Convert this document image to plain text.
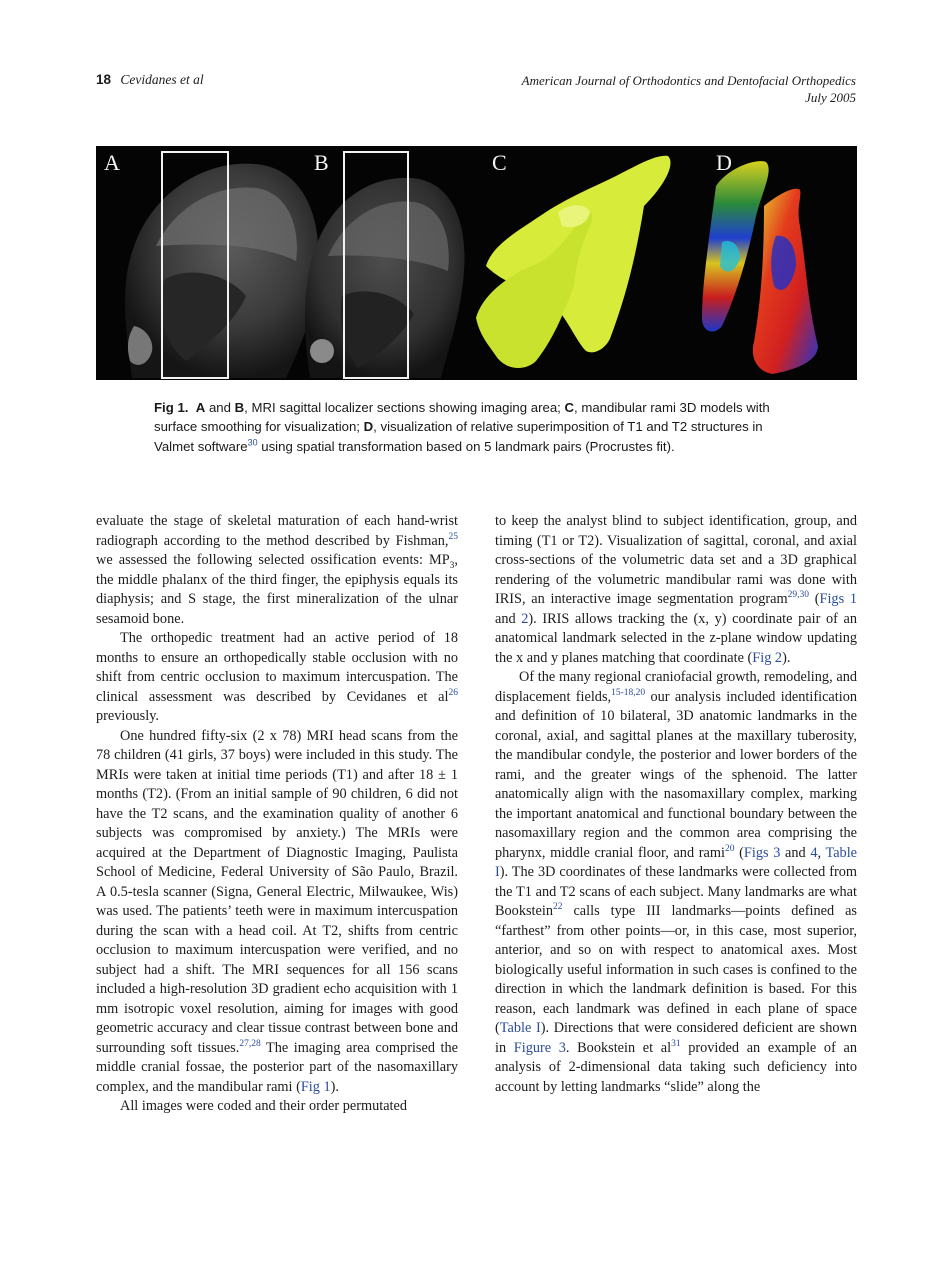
18 Cevidanes et al	American Journal of Orthodontics and Dentofacial Orthopedics
July 2005
A	B	C	D
Fig 1. A and B, MRI sagittal localizer sections showing imaging area; C, mandibular rami 3D models with surface smoothing for visualization; D, visualization of relative superimposition of T1 and T2 structures in Valmet software$^{30}$ using spatial transformation based on 5 landmark pairs (Procrustes fit).

evaluate the stage of skeletal maturation of each hand-wrist radiograph according to the method described by Fishman,$^{25}$ we assessed the following selected ossification events: $MP_3$, the middle phalanx of the third finger, the epiphysis equals its diaphysis; and S stage, the first mineralization of the ulnar sesamoid bone.

The orthopedic treatment had an active period of 18 months to ensure an orthopedically stable occlusion with no shift from centric occlusion to maximum intercuspation. The clinical assessment was described by Cevidanes et $al^{26}$ previously.

One hundred fifty-six (2 x 78) MRI head scans from the 78 children (41 girls, 37 boys) were included in this study. The MRIs were taken at initial time periods (T1) and after 18 ± 1 months (T2). (From an initial sample of 90 children, 6 did not have the T2 scans, and the examination quality of another 6 subjects was compromised by anxiety.) The MRIs were acquired at the Department of Diagnostic Imaging, Paulista School of Medicine, Federal University of São Paulo, Brazil. A 0.5-tesla scanner (Signa, General Electric, Milwaukee, Wis) was used. The patients’ teeth were in maximum intercuspation during the scan with a head coil. At T2, shifts from centric occlusion to maximum intercuspation were verified, and no subject had a shift. The MRI sequences for all 156 scans included a high-resolution 3D gradient echo acquisition with 1 mm isotropic voxel resolution, aiming for images with good geometric accuracy and clear tissue contrast between bone and surrounding soft tissues.$^{27,28}$ The imaging area comprised the middle cranial fossae, the posterior part of the nasomaxillary complex, and the mandibular rami (Fig 1).

All images were coded and their order permutated

to keep the analyst blind to subject identification, group, and timing (T1 or T2). Visualization of sagittal, coronal, and axial cross-sections of the volumetric data set and a 3D graphical rendering of the volumetric mandibular rami was done with IRIS, an interactive image segmentation program$^{29,30}$ (Figs 1 and 2). IRIS allows tracking the (x, y) coordinate pair of an anatomical landmark selected in the z-plane window updating the x and y planes matching that coordinate (Fig 2).

Of the many regional craniofacial growth, remodeling, and displacement fields,$^{15-18,20}$ our analysis included identification and definition of 10 bilateral, 3D anatomic landmarks in the coronal, axial, and sagittal planes at the maxillary tuberosity, the mandibular condyle, the posterior and lower borders of the rami, and the greater wings of the sphenoid. The latter anatomically align with the nasomaxillary complex, marking the important anatomical and functional boundary between the nasomaxillary region and the common area comprising the pharynx, middle cranial floor, and rami$^{20}$ (Figs 3 and 4, Table I). The 3D coordinates of these landmarks were collected from the T1 and T2 scans of each subject. Many landmarks are what Bookstein$^{22}$ calls type III landmarks—points defined as “farthest” from other points—or, in this case, most superior, anterior, and so on with respect to anatomical axes. Most biologically useful information in such cases is confined to the direction in which the landmark definition is based. For this reason, each landmark was defined in each plane of space (Table I). Directions that were considered deficient are shown in Figure 3. Bookstein et $al^{31}$ provided an example of an analysis of 2-dimensional data taking such deficiency into account by letting landmarks “slide” along the
